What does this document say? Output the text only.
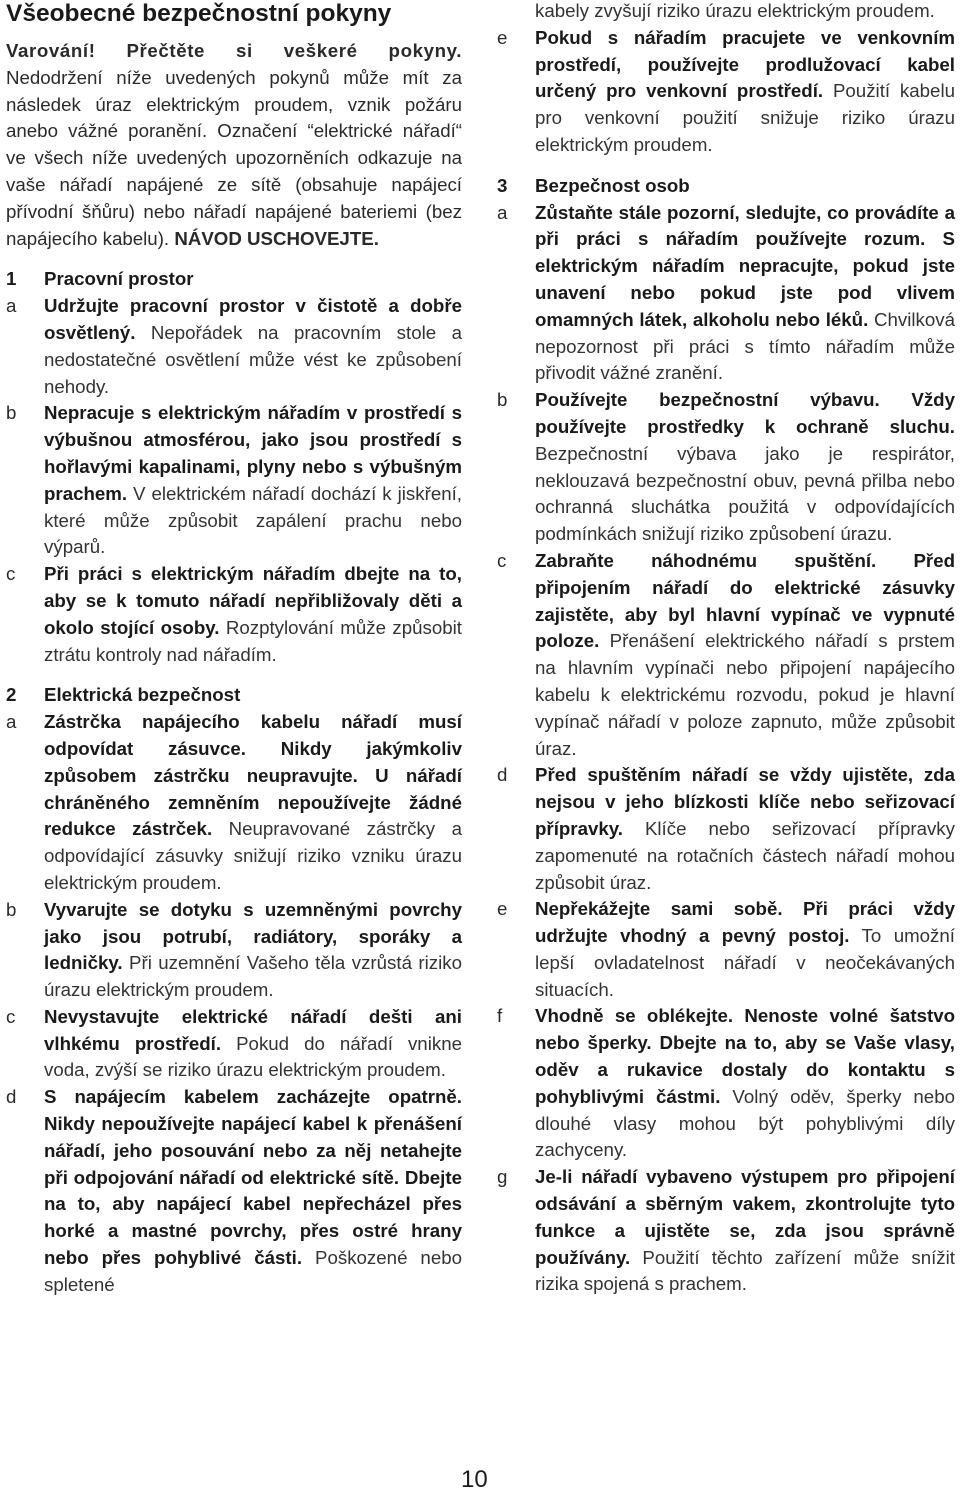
Všeobecné bezpečnostní pokyny

Varování! Přečtěte si veškeré pokyny. Nedodržení níže uvedených pokynů může mít za následek úraz elektrickým proudem, vznik požáru anebo vážné poranění. Označení “elektrické nářadí“ ve všech níže uvedených upozorněních odkazuje na vaše nářadí napájené ze sítě (obsahuje napájecí přívodní šňůru) nebo nářadí napájené bateriemi (bez napájecího kabelu). NÁVOD USCHOVEJTE.

1	Pracovní prostor
a	Udržujte pracovní prostor v čistotě a dobře osvětlený. Nepořádek na pracovním stole a nedostatečné osvětlení může vést ke způsobení nehody.
b	Nepracuje s elektrickým nářadím v prostředí s výbušnou atmosférou, jako jsou prostředí s hořlavými kapalinami, plyny nebo s výbušným prachem. V elektrickém nářadí dochází k jiskření, které může způsobit zapálení prachu nebo výparů.
c	Při práci s elektrickým nářadím dbejte na to, aby se k tomuto nářadí nepřibližovaly děti a okolo stojící osoby. Rozptylování může způsobit ztrátu kontroly nad nářadím.
2	Elektrická bezpečnost
a	Zástrčka napájecího kabelu nářadí musí odpovídat zásuvce. Nikdy jakýmkoliv způsobem zástrčku neupravujte. U nářadí chráněného zemněním nepoužívejte žádné redukce zástrček. Neupravované zástrčky a odpovídající zásuvky snižují riziko vzniku úrazu elektrickým proudem.
b	Vyvarujte se dotyku s uzemněnými povrchy jako jsou potrubí, radiátory, sporáky a ledničky. Při uzemnění Vašeho těla vzrůstá riziko úrazu elektrickým proudem.
c	Nevystavujte elektrické nářadí dešti ani vlhkému prostředí. Pokud do nářadí vnikne voda, zvýší se riziko úrazu elektrickým proudem.
d	S napájecím kabelem zacházejte opatrně. Nikdy nepoužívejte napájecí kabel k přenášení nářadí, jeho posouvání nebo za něj netahejte při odpojování nářadí od elektrické sítě. Dbejte na to, aby napájecí kabel nepřecházel přes horké a mastné povrchy, přes ostré hrany nebo přes pohyblivé části. Poškozené nebo spletené
kabely zvyšují riziko úrazu elektrickým proudem.
e	Pokud s nářadím pracujete ve venkovním prostředí, používejte prodlužovací kabel určený pro venkovní prostředí. Použití kabelu pro venkovní použití snižuje riziko úrazu elektrickým proudem.
3	Bezpečnost osob
a	Zůstaňte stále pozorní, sledujte, co provádíte a při práci s nářadím používejte rozum. S elektrickým nářadím nepracujte, pokud jste unavení nebo pokud jste pod vlivem omamných látek, alkoholu nebo léků. Chvilková nepozornost při práci s tímto nářadím může přivodit vážné zranění.
b	Používejte bezpečnostní výbavu. Vždy používejte prostředky k ochraně sluchu. Bezpečnostní výbava jako je respirátor, neklouzavá bezpečnostní obuv, pevná přilba nebo ochranná sluchátka použitá v odpovídajících podmínkách snižují riziko způsobení úrazu.
c	Zabraňte náhodnému spuštění. Před připojením nářadí do elektrické zásuvky zajistěte, aby byl hlavní vypínač ve vypnuté poloze. Přenášení elektrického nářadí s prstem na hlavním vypínači nebo připojení napájecího kabelu k elektrickému rozvodu, pokud je hlavní vypínač nářadí v poloze zapnuto, může způsobit úraz.
d	Před spuštěním nářadí se vždy ujistěte, zda nejsou v jeho blízkosti klíče nebo seřizovací přípravky. Klíče nebo seřizovací přípravky zapomenuté na rotačních částech nářadí mohou způsobit úraz.
e	Nepřekážejte sami sobě. Při práci vždy udržujte vhodný a pevný postoj. To umožní lepší ovladatelnost nářadí v neočekávaných situacích.
f	Vhodně se oblékejte. Nenoste volné šatstvo nebo šperky. Dbejte na to, aby se Vaše vlasy, oděv a rukavice dostaly do kontaktu s pohyblivými částmi. Volný oděv, šperky nebo dlouhé vlasy mohou být pohyblivými díly zachyceny.
g	Je-li nářadí vybaveno výstupem pro připojení odsávání a sběrným vakem, zkontrolujte tyto funkce a ujistěte se, zda jsou správně používány. Použití těchto zařízení může snížit rizika spojená s prachem.
10
